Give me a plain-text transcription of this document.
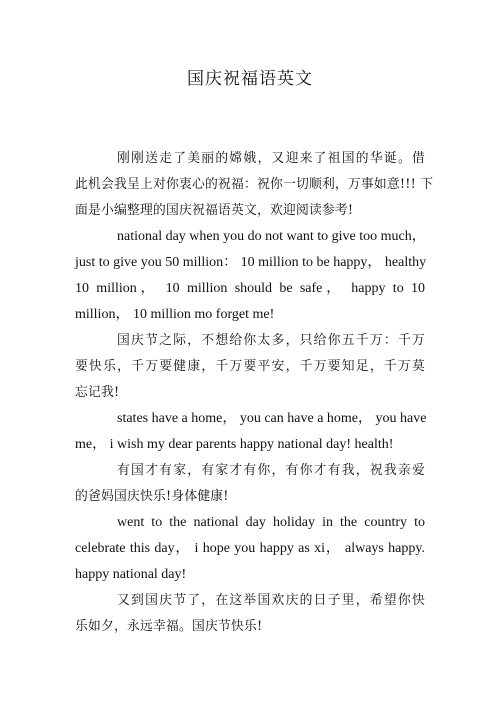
国庆祝福语英文
刚刚送走了美丽的嫦娥，又迎来了祖国的华诞。借
此机会我呈上对你衷心的祝福：祝你一切顺利，万事如意!!! 下
面是小编整理的国庆祝福语英文，欢迎阅读参考!
national day when you do not want to give too much，
just to give you 50 million： 10 million to be happy， healthy
10 million， 10 million should be safe， happy to 10
million， 10 million mo forget me!
国庆节之际，不想给你太多，只给你五千万：千万
要快乐，千万要健康，千万要平安，千万要知足，千万莫
忘记我!
states have a home， you can have a home， you have
me， i wish my dear parents happy national day! health!
有国才有家，有家才有你，有你才有我，祝我亲爱
的爸妈国庆快乐!身体健康!
went to the national day holiday in the country to
celebrate this day， i hope you happy as xi， always happy.
happy national day!
又到国庆节了，在这举国欢庆的日子里，希望你快
乐如夕，永远幸福。国庆节快乐!
